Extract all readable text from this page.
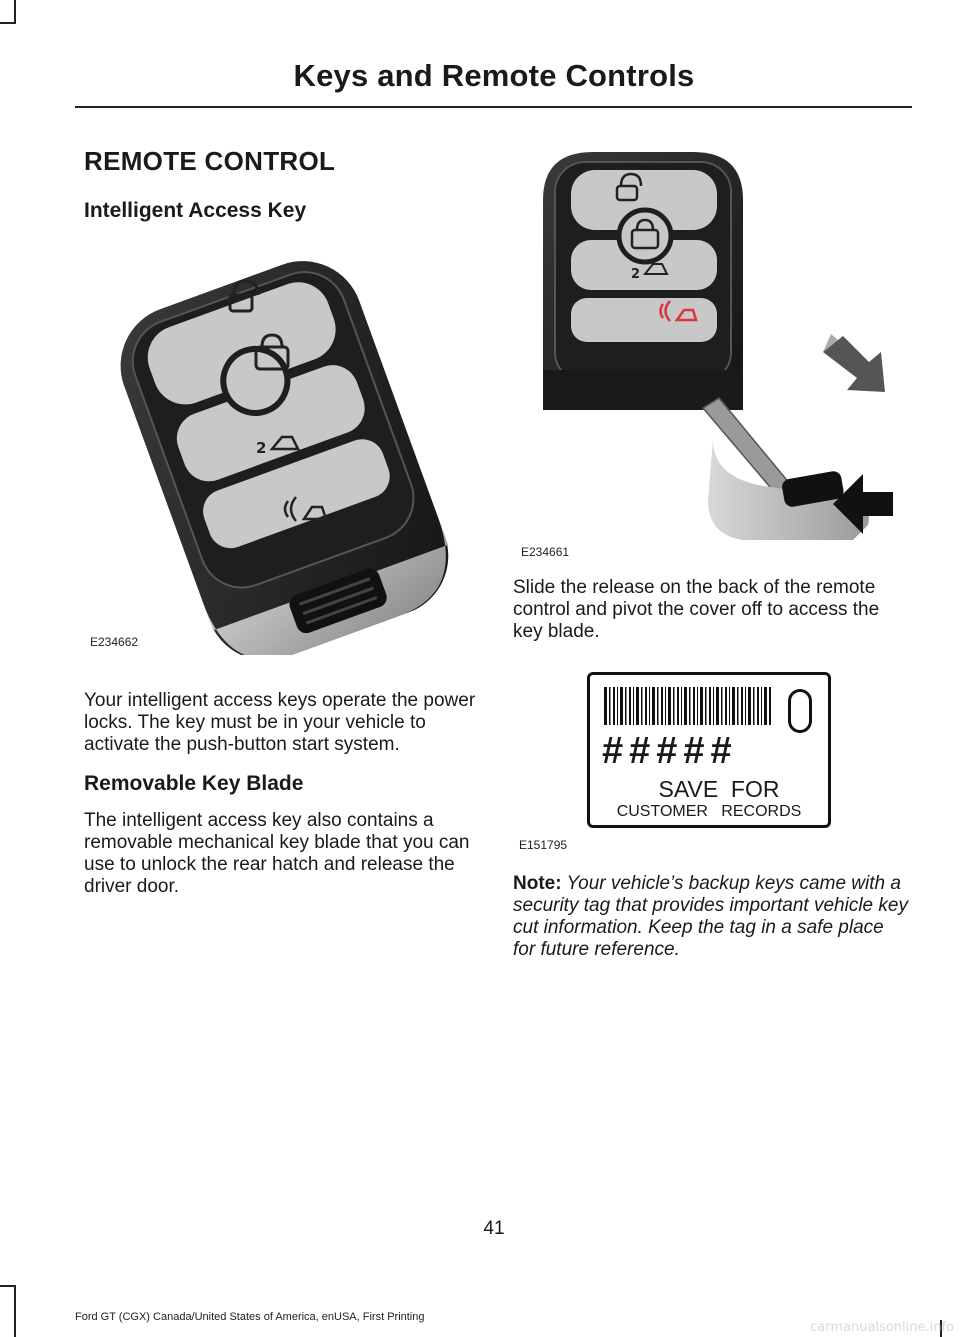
Keys and Remote Controls
REMOTE CONTROL
Intelligent Access Key
2
E234662

Your intelligent access keys operate the power locks. The key must be in your vehicle to activate the push-button start system.

Removable Key Blade

The intelligent access key also contains a removable mechanical key blade that you can use to unlock the rear hatch and release the driver door.

2
E234661

Slide the release on the back of the remote control and pivot the cover off to access the key blade.

#####
SAVE  FOR
CUSTOMER   RECORDS
E151795

Note: Your vehicle’s backup keys came with a security tag that provides important vehicle key cut information. Keep the tag in a safe place for future reference.

41
Ford GT (CGX) Canada/United States of America, enUSA, First Printing
carmanualsonline.info
